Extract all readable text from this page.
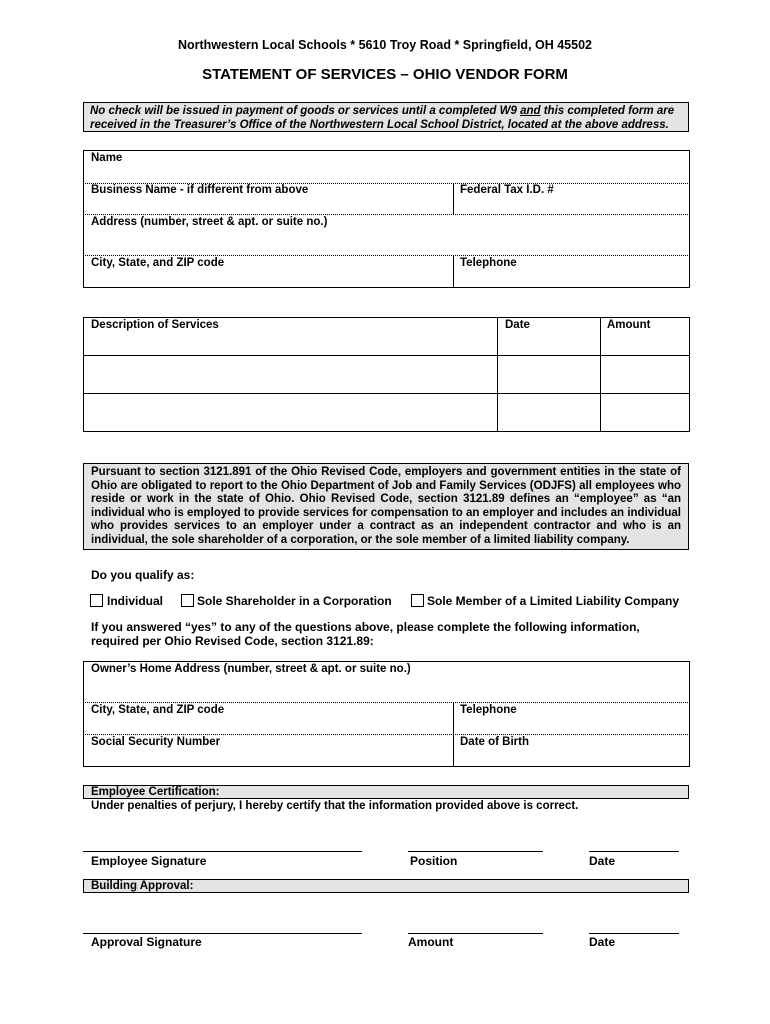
Northwestern Local Schools * 5610 Troy Road * Springfield, OH 45502
STATEMENT OF SERVICES – OHIO VENDOR FORM
No check will be issued in payment of goods or services until a completed W9 and this completed form are received in the Treasurer’s Office of the Northwestern Local School District, located at the above address.
Name
Business Name - if different from above	Federal Tax I.D. #
Address (number, street & apt. or suite no.)
City, State, and ZIP code	Telephone
Description of Services	Date	Amount
Pursuant to section 3121.891 of the Ohio Revised Code, employers and government entities in the state of Ohio are obligated to report to the Ohio Department of Job and Family Services (ODJFS) all employees who reside or work in the state of Ohio. Ohio Revised Code, section 3121.89 defines an “employee” as “an individual who is employed to provide services for compensation to an employer and includes an individual who provides services to an employer under a contract as an independent contractor and who is an individual, the sole shareholder of a corporation, or the sole member of a limited liability company.
Do you qualify as:
Individual	Sole Shareholder in a Corporation	Sole Member of a Limited Liability Company
If you answered “yes” to any of the questions above, please complete the following information, required per Ohio Revised Code, section 3121.89:
Owner’s Home Address (number, street & apt. or suite no.)
City, State, and ZIP code	Telephone
Social Security Number	Date of Birth
Employee Certification:
Under penalties of perjury, I hereby certify that the information provided above is correct.
Employee Signature	Position	Date
Building Approval:
Approval Signature	Amount	Date
